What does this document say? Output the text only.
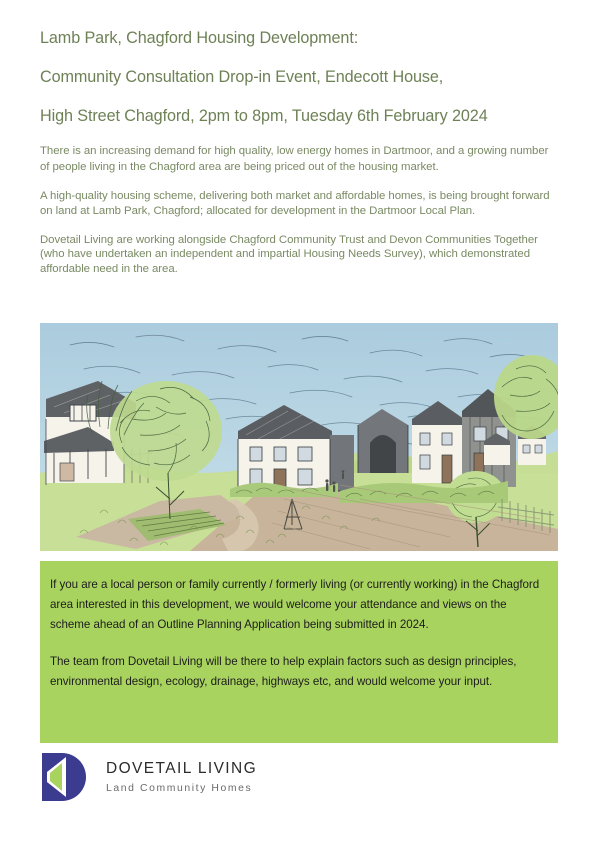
Lamb Park, Chagford Housing Development:
Community Consultation Drop-in Event, Endecott House,
High Street Chagford, 2pm to 8pm, Tuesday 6th February 2024

There is an increasing demand for high quality, low energy homes in Dartmoor, and a growing number of people living in the Chagford area are being priced out of the housing market.

A high-quality housing scheme, delivering both market and affordable homes, is being brought forward on land at Lamb Park, Chagford; allocated for development in the Dartmoor Local Plan.

Dovetail Living are working alongside Chagford Community Trust and Devon Communities Together (who have undertaken an independent and impartial Housing Needs Survey), which demonstrated affordable need in the area.

If you are a local person or family currently / formerly living (or currently working) in the Chagford area interested in this development, we would welcome your attendance and views on the scheme ahead of an Outline Planning Application being submitted in 2024.

The team from Dovetail Living will be there to help explain factors such as design principles, environmental design, ecology, drainage, highways etc, and would welcome your input.

DOVETAIL LIVING
Land Community Homes
